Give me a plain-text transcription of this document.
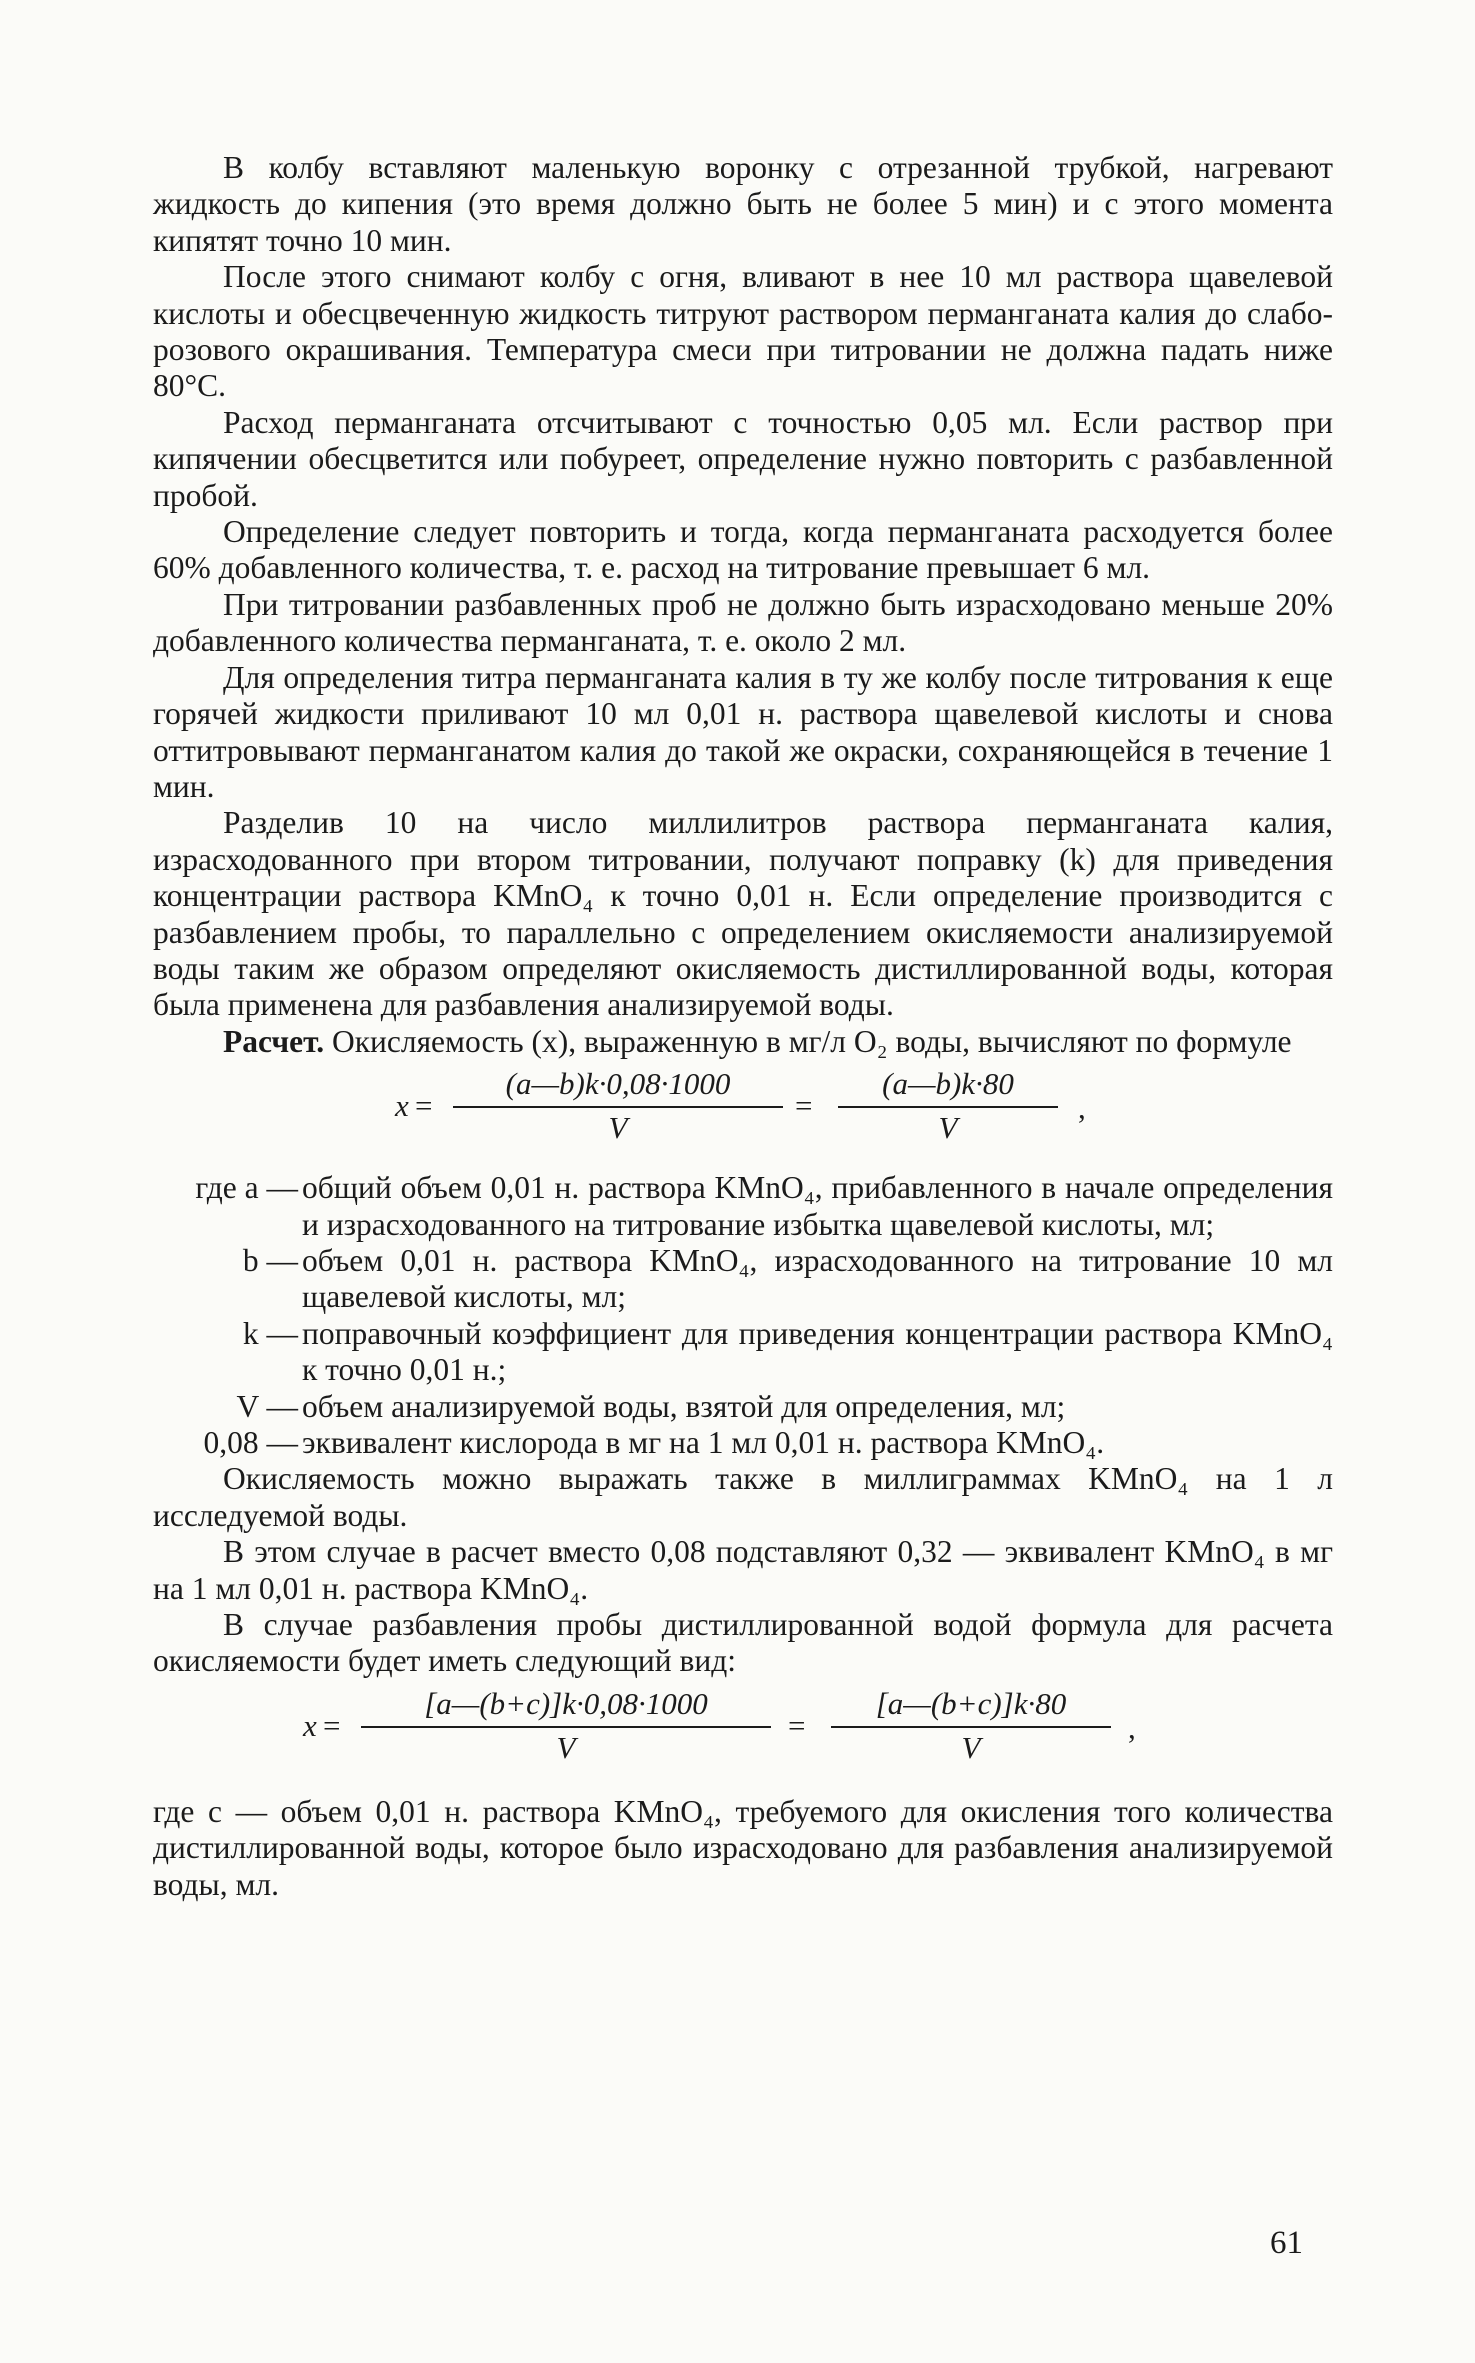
В колбу вставляют маленькую воронку с отрезанной трубкой, нагревают жидкость до кипения (это время должно быть не более 5 мин) и с этого момента кипятят точно 10 мин.

После этого снимают колбу с огня, вливают в нее 10 мл раствора щавелевой кислоты и обесцвеченную жидкость титруют раствором перманганата калия до слабо-розового окрашивания. Температура смеси при титровании не должна падать ниже 80°С.

Расход перманганата отсчитывают с точностью 0,05 мл. Если раствор при кипячении обесцветится или побуреет, определение нужно повторить с разбавленной пробой.

Определение следует повторить и тогда, когда перманганата расходуется более 60% добавленного количества, т. е. расход на титрование превышает 6 мл.

При титровании разбавленных проб не должно быть израсходовано меньше 20% добавленного количества перманганата, т. е. около 2 мл.

Для определения титра перманганата калия в ту же колбу после титрования к еще горячей жидкости приливают 10 мл 0,01 н. раствора щавелевой кислоты и снова оттитровывают перманганатом калия до такой же окраски, сохраняющейся в течение 1 мин.

Разделив 10 на число миллилитров раствора перманганата калия, израсходованного при втором титровании, получают поправку (k) для приведения концентрации раствора KMnO₄ к точно 0,01 н. Если определение производится с разбавлением пробы, то параллельно с определением окисляемости анализируемой воды таким же образом определяют окисляемость дистиллированной воды, которая была применена для разбавления анализируемой воды.

Расчет. Окисляемость (x), выраженную в мг/л O₂ воды, вычисляют по формуле

x =
(a—b)k·0,08·1000
V
=
(a—b)k·80
V
,
где a — общий объем 0,01 н. раствора KMnO₄, прибавленного в начале определения и израсходованного на титрование избытка щавелевой кислоты, мл;
b — объем 0,01 н. раствора KMnO₄, израсходованного на титрование 10 мл щавелевой кислоты, мл;
k — поправочный коэффициент для приведения концентрации раствора KMnO₄ к точно 0,01 н.;
V — объем анализируемой воды, взятой для определения, мл;
0,08 — эквивалент кислорода в мг на 1 мл 0,01 н. раствора KMnO₄.

Окисляемость можно выражать также в миллиграммах KMnO₄ на 1 л исследуемой воды.

В этом случае в расчет вместо 0,08 подставляют 0,32 — эквивалент KMnO₄ в мг на 1 мл 0,01 н. раствора KMnO₄.

В случае разбавления пробы дистиллированной водой формула для расчета окисляемости будет иметь следующий вид:

x =
[a—(b+c)]k·0,08·1000
V
=
[a—(b+c)]k·80
V
,

где c — объем 0,01 н. раствора KMnO₄, требуемого для окисления того количества дистиллированной воды, которое было израсходовано для разбавления анализируемой воды, мл.

61
